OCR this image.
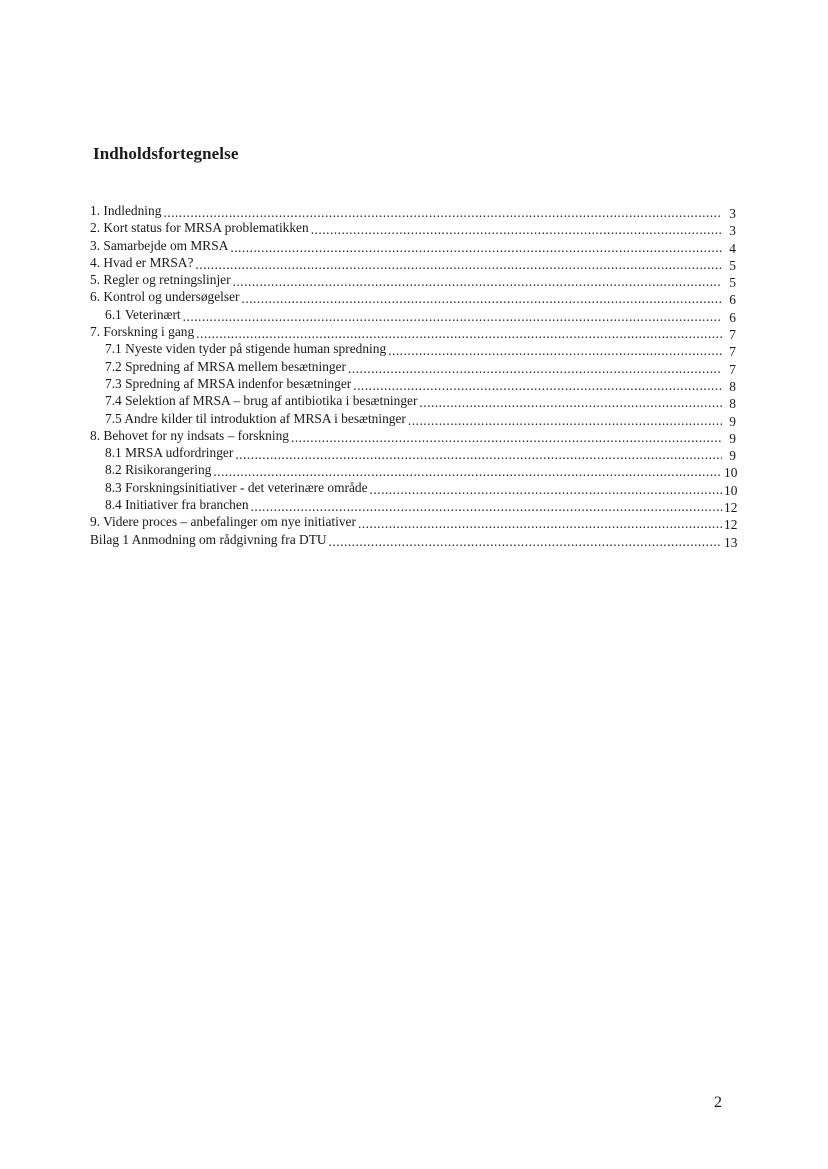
Indholdsfortegnelse
1. Indledning .....	3
2. Kort status for MRSA problematikken .....	3
3. Samarbejde om MRSA .....	4
4. Hvad er MRSA? .....	5
5. Regler og retningslinjer .....	5
6. Kontrol og undersøgelser .....	6
6.1 Veterinært .....	6
7. Forskning i gang .....	7
7.1 Nyeste viden tyder på stigende human spredning .....	7
7.2 Spredning af MRSA mellem besætninger .....	7
7.3 Spredning af MRSA indenfor besætninger .....	8
7.4 Selektion af MRSA – brug af antibiotika i besætninger .....	8
7.5 Andre kilder til introduktion af MRSA i besætninger .....	9
8. Behovet for ny indsats – forskning .....	9
8.1 MRSA udfordringer .....	9
8.2 Risikorangering .....	10
8.3 Forskningsinitiativer - det veterinære område .....	10
8.4 Initiativer fra branchen .....	12
9. Videre proces – anbefalinger om nye initiativer .....	12
Bilag 1 Anmodning om rådgivning fra DTU .....	13
2
